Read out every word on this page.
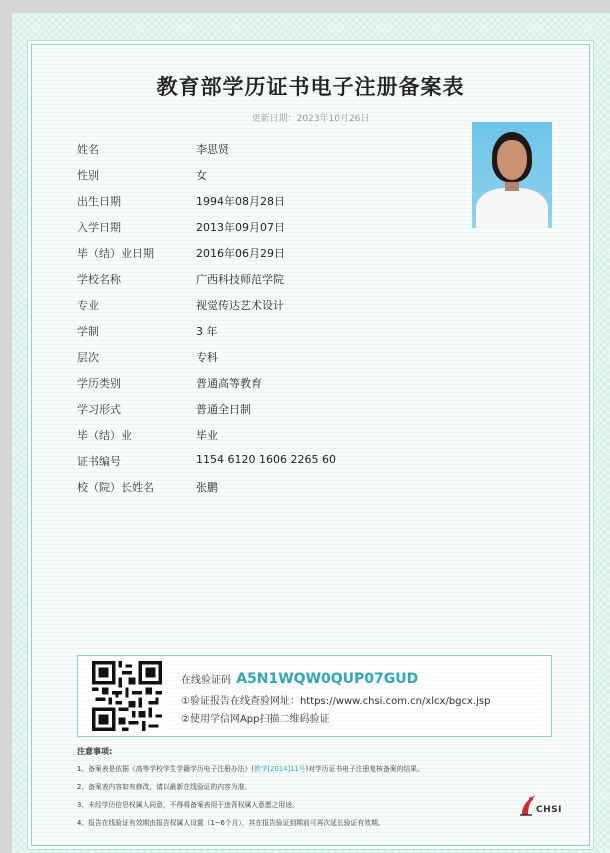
教育部学历证书电子注册备案表
更新日期：2023年10月26日
姓名	李思贤
性别	女
出生日期	1994年08月28日
入学日期	2013年09月07日
毕（结）业日期	2016年06月29日
学校名称	广西科技师范学院
专业	视觉传达艺术设计
学制	3 年
层次	专科
学历类别	普通高等教育
学习形式	普通全日制
毕（结）业	毕业
证书编号	1154 6120 1606 2265 60
校（院）长姓名	张鹏
在线验证码 A5N1WQW0QUP07GUD
①验证报告在线查验网址：https://www.chsi.com.cn/xlcx/bgcx.jsp
②使用学信网App扫描二维码验证
注意事项:
1、备案表是依据《高等学校学生学籍学历电子注册办法》(教学[2014]11号)对学历证书电子注册复核备案的结果。
2、备案表内容如有修改，请以最新在线验证的内容为准。
3、未经学历信息权属人同意，不得将备案表用于违背权属人意愿之用途。
4、报告在线验证有效期由报告权属人设置（1~6个月），其在报告验证到期前可再次延长验证有效期。
CHSI
